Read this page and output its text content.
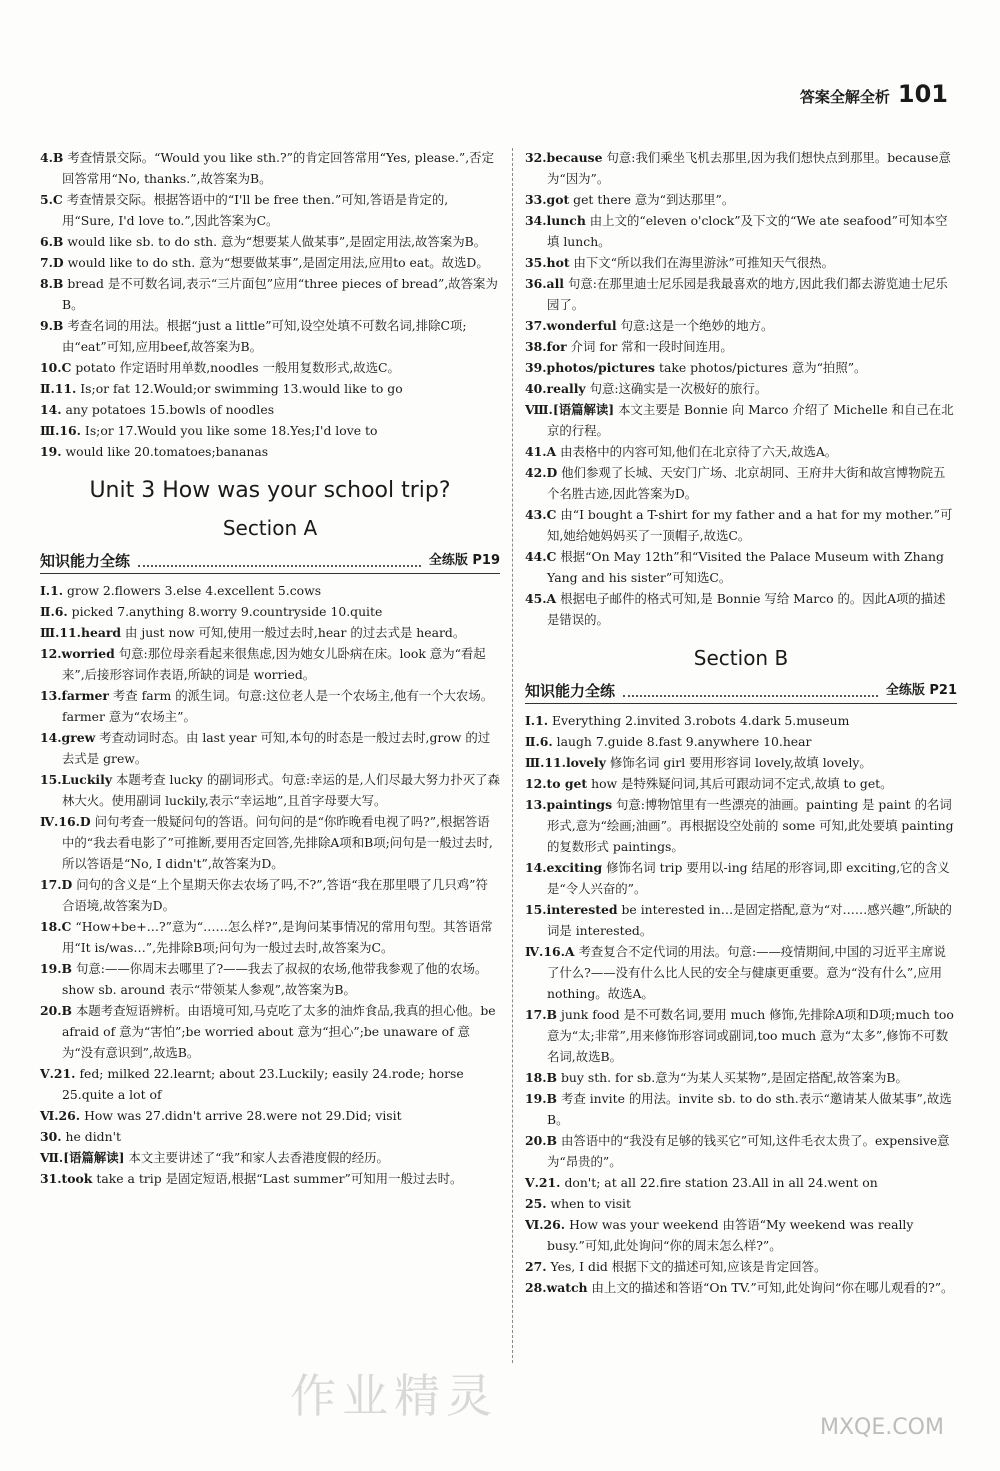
答案全解全析 101

4.B 考查情景交际。“Would you like sth.?”的肯定回答常用“Yes, please.”,否定回答常用“No, thanks.”,故答案为B。

5.C 考查情景交际。根据答语中的“I'll be free then.”可知,答语是肯定的,用“Sure, I'd love to.”,因此答案为C。

6.B would like sb. to do sth. 意为“想要某人做某事”,是固定用法,故答案为B。

7.D would like to do sth. 意为“想要做某事”,是固定用法,应用to eat。故选D。

8.B bread 是不可数名词,表示“三片面包”应用“three pieces of bread”,故答案为B。

9.B 考查名词的用法。根据“just a little”可知,设空处填不可数名词,排除C项;由“eat”可知,应用beef,故答案为B。

10.C potato 作定语时用单数,noodles 一般用复数形式,故选C。

Ⅱ.11. Is;or fat 12.Would;or swimming 13.would like to go

14. any potatoes 15.bowls of noodles

Ⅲ.16. Is;or 17.Would you like some 18.Yes;I'd love to

19. would like 20.tomatoes;bananas

Unit 3 How was your school trip?
Section A
知识能力全练	全练版 P19

Ⅰ.1. grow 2.flowers 3.else 4.excellent 5.cows

Ⅱ.6. picked 7.anything 8.worry 9.countryside 10.quite

Ⅲ.11.heard 由 just now 可知,使用一般过去时,hear 的过去式是 heard。

12.worried 句意:那位母亲看起来很焦虑,因为她女儿卧病在床。look 意为“看起来”,后接形容词作表语,所缺的词是 worried。

13.farmer 考查 farm 的派生词。句意:这位老人是一个农场主,他有一个大农场。farmer 意为“农场主”。

14.grew 考查动词时态。由 last year 可知,本句的时态是一般过去时,grow 的过去式是 grew。

15.Luckily 本题考查 lucky 的副词形式。句意:幸运的是,人们尽最大努力扑灭了森林大火。使用副词 luckily,表示“幸运地”,且首字母要大写。

Ⅳ.16.D 问句考查一般疑问句的答语。问句问的是“你昨晚看电视了吗?”,根据答语中的“我去看电影了”可推断,要用否定回答,先排除A项和B项;问句是一般过去时,所以答语是“No, I didn't”,故答案为D。

17.D 问句的含义是“上个星期天你去农场了吗,不?”,答语“我在那里喂了几只鸡”符合语境,故答案为D。

18.C “How+be+…?”意为“……怎么样?”,是询问某事情况的常用句型。其答语常用“It is/was…”,先排除B项;问句为一般过去时,故答案为C。

19.B 句意:——你周末去哪里了?——我去了叔叔的农场,他带我参观了他的农场。show sb. around 表示“带领某人参观”,故答案为B。

20.B 本题考查短语辨析。由语境可知,马克吃了太多的油炸食品,我真的担心他。be afraid of 意为“害怕”;be worried about 意为“担心”;be unaware of 意为“没有意识到”,故选B。

Ⅴ.21. fed; milked 22.learnt; about 23.Luckily; easily 24.rode; horse 25.quite a lot of

Ⅵ.26. How was 27.didn't arrive 28.were not 29.Did; visit

30. he didn't

Ⅶ.[语篇解读] 本文主要讲述了“我”和家人去香港度假的经历。

31.took take a trip 是固定短语,根据“Last summer”可知用一般过去时。

32.because 句意:我们乘坐飞机去那里,因为我们想快点到那里。because意为“因为”。

33.got get there 意为“到达那里”。

34.lunch 由上文的“eleven o'clock”及下文的“We ate seafood”可知本空填 lunch。

35.hot 由下文“所以我们在海里游泳”可推知天气很热。

36.all 句意:在那里迪士尼乐园是我最喜欢的地方,因此我们都去游览迪士尼乐园了。

37.wonderful 句意:这是一个绝妙的地方。

38.for 介词 for 常和一段时间连用。

39.photos/pictures take photos/pictures 意为“拍照”。

40.really 句意:这确实是一次极好的旅行。

Ⅷ.[语篇解读] 本文主要是 Bonnie 向 Marco 介绍了 Michelle 和自己在北京的行程。

41.A 由表格中的内容可知,他们在北京待了六天,故选A。

42.D 他们参观了长城、天安门广场、北京胡同、王府井大街和故宫博物院五个名胜古迹,因此答案为D。

43.C 由“I bought a T-shirt for my father and a hat for my mother.”可知,她给她妈妈买了一顶帽子,故选C。

44.C 根据“On May 12th”和“Visited the Palace Museum with Zhang Yang and his sister”可知选C。

45.A 根据电子邮件的格式可知,是 Bonnie 写给 Marco 的。因此A项的描述是错误的。

Section B
知识能力全练	全练版 P21

Ⅰ.1. Everything 2.invited 3.robots 4.dark 5.museum

Ⅱ.6. laugh 7.guide 8.fast 9.anywhere 10.hear

Ⅲ.11.lovely 修饰名词 girl 要用形容词 lovely,故填 lovely。

12.to get how 是特殊疑问词,其后可跟动词不定式,故填 to get。

13.paintings 句意:博物馆里有一些漂亮的油画。painting 是 paint 的名词形式,意为“绘画;油画”。再根据设空处前的 some 可知,此处要填 painting 的复数形式 paintings。

14.exciting 修饰名词 trip 要用以-ing 结尾的形容词,即 exciting,它的含义是“令人兴奋的”。

15.interested be interested in…是固定搭配,意为“对……感兴趣”,所缺的词是 interested。

Ⅳ.16.A 考查复合不定代词的用法。句意:——疫情期间,中国的习近平主席说了什么?——没有什么比人民的安全与健康更重要。意为“没有什么”,应用 nothing。故选A。

17.B junk food 是不可数名词,要用 much 修饰,先排除A项和D项;much too 意为“太;非常”,用来修饰形容词或副词,too much 意为“太多”,修饰不可数名词,故选B。

18.B buy sth. for sb.意为“为某人买某物”,是固定搭配,故答案为B。

19.B 考查 invite 的用法。invite sb. to do sth.表示“邀请某人做某事”,故选B。

20.B 由答语中的“我没有足够的钱买它”可知,这件毛衣太贵了。expensive意为“昂贵的”。

Ⅴ.21. don't; at all 22.fire station 23.All in all 24.went on

25. when to visit

Ⅵ.26. How was your weekend 由答语“My weekend was really busy.”可知,此处询问“你的周末怎么样?”。

27. Yes, I did 根据下文的描述可知,应该是肯定回答。

28.watch 由上文的描述和答语“On TV.”可知,此处询问“你在哪儿观看的?”。

作业精灵
MXQE.COM
